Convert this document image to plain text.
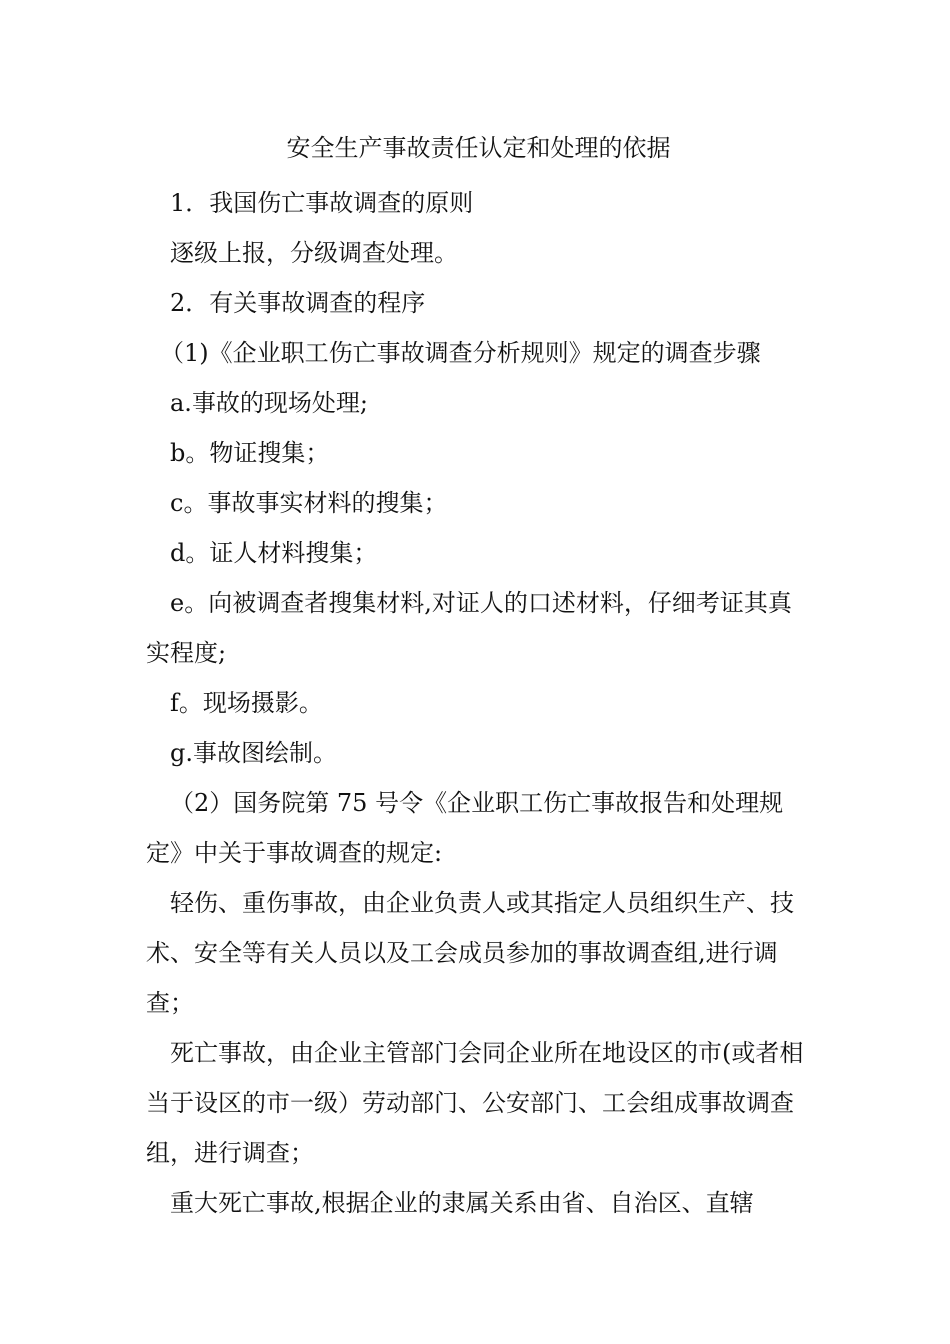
安全生产事故责任认定和处理的依据

1．我国伤亡事故调查的原则

逐级上报，分级调查处理。

2．有关事故调查的程序

（1)《企业职工伤亡事故调查分析规则》规定的调查步骤

a.事故的现场处理;

b。物证搜集；

c。事故事实材料的搜集；

d。证人材料搜集；

e。向被调查者搜集材料,对证人的口述材料，仔细考证其真实程度;

f。现场摄影。

g.事故图绘制。

（2）国务院第 75 号令《企业职工伤亡事故报告和处理规定》中关于事故调查的规定:

轻伤、重伤事故，由企业负责人或其指定人员组织生产、技术、安全等有关人员以及工会成员参加的事故调查组,进行调查；

死亡事故，由企业主管部门会同企业所在地设区的市(或者相当于设区的市一级）劳动部门、公安部门、工会组成事故调查组，进行调查；

重大死亡事故,根据企业的隶属关系由省、自治区、直辖
